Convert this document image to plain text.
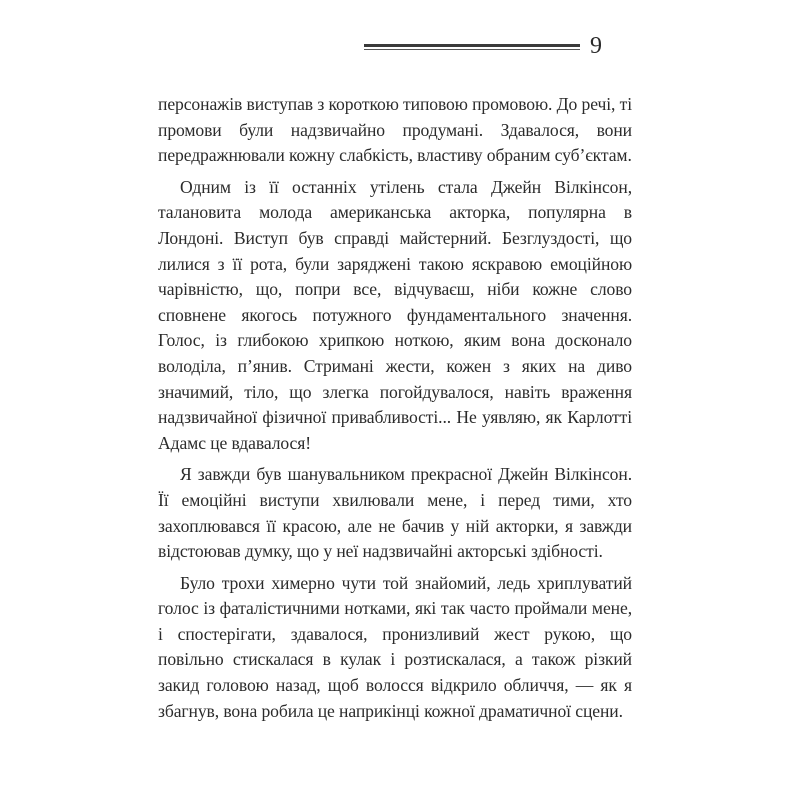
9

персонажів виступав з короткою типовою промовою. До речі, ті промови були надзвичайно продумані. Здавалося, вони передражнювали кожну слабкість, властиву обраним суб’єктам.

Одним із її останніх утілень стала Джейн Вілкінсон, талановита молода американська акторка, популярна в Лондоні. Виступ був справді майстерний. Безглуздості, що лилися з її рота, були заряджені такою яскравою емоційною чарівністю, що, попри все, відчуваєш, ніби кожне слово сповнене якогось потужного фундаментального значення. Голос, із глибокою хрипкою ноткою, яким вона досконало володіла, п’янив. Стримані жести, кожен з яких на диво значимий, тіло, що злегка погойдувалося, навіть враження надзвичайної фізичної привабливості... Не уявляю, як Карлотті Адамс це вдавалося!

Я завжди був шанувальником прекрасної Джейн Вілкінсон. Її емоційні виступи хвилювали мене, і перед тими, хто захоплювався її красою, але не бачив у ній акторки, я завжди відстоював думку, що у неї надзвичайні акторські здібності.

Було трохи химерно чути той знайомий, ледь хриплуватий голос із фаталістичними нотками, які так часто проймали мене, і спостерігати, здавалося, пронизливий жест рукою, що повільно стискалася в кулак і розтискалася, а також різкий закид головою назад, щоб волосся відкрило обличчя, — як я збагнув, вона робила це наприкінці кожної драматичної сцени.
